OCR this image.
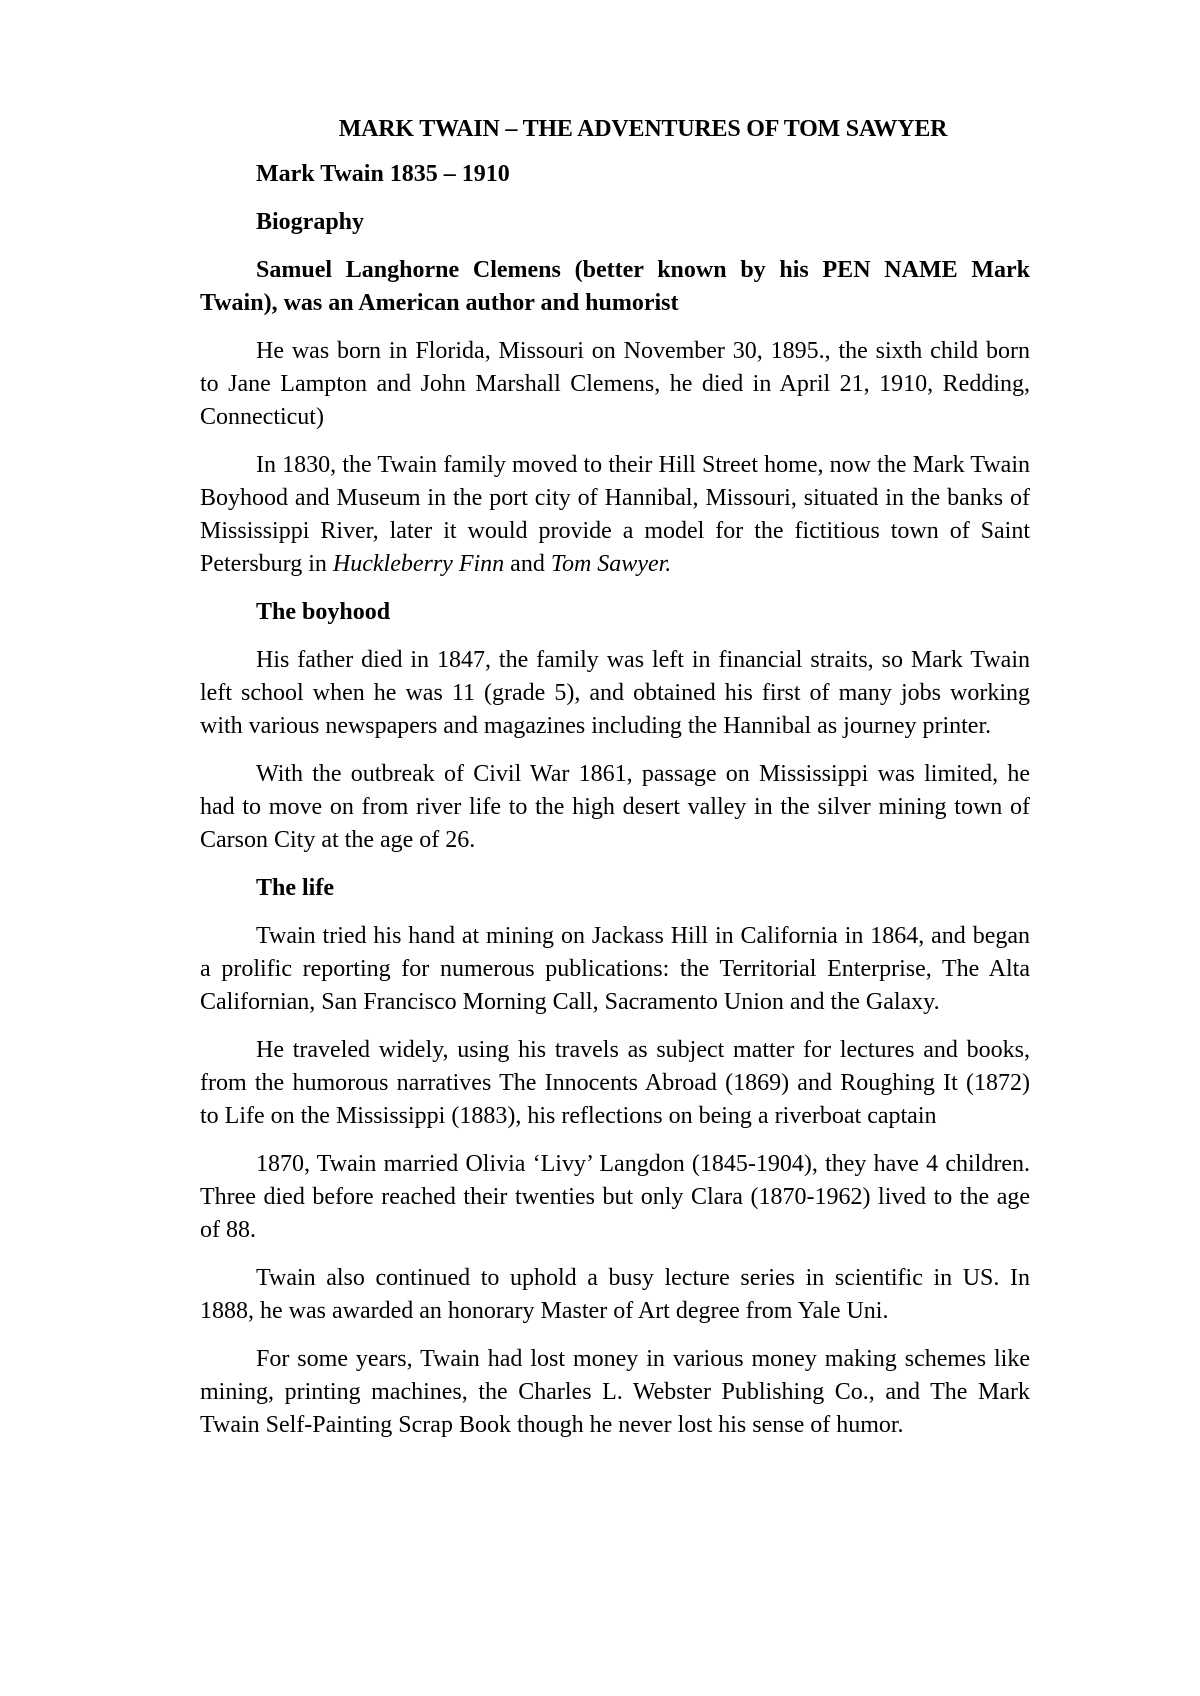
MARK TWAIN – THE ADVENTURES OF TOM SAWYER
Mark Twain 1835 – 1910
Biography
Samuel Langhorne Clemens (better known by his PEN NAME Mark Twain), was an American author and humorist
He was born in Florida, Missouri on November 30, 1895., the sixth child born to Jane Lampton and John Marshall Clemens, he died in April 21, 1910, Redding, Connecticut)
In 1830, the Twain family moved to their Hill Street home, now the Mark Twain Boyhood and Museum in the port city of Hannibal, Missouri, situated in the banks of Mississippi River, later it would provide a model for the fictitious town of Saint Petersburg in Huckleberry Finn and Tom Sawyer.
The boyhood
His father died in 1847, the family was left in financial straits, so Mark Twain left school when he was 11 (grade 5), and obtained his first of many jobs working with various newspapers and magazines including the Hannibal as journey printer.
With the outbreak of Civil War 1861, passage on Mississippi was limited, he had to move on from river life to the high desert valley in the silver mining town of Carson City at the age of 26.
The life
Twain tried his hand at mining on Jackass Hill in California in 1864, and began a prolific reporting for numerous publications: the Territorial Enterprise, The Alta Californian, San Francisco Morning Call, Sacramento Union and the Galaxy.
He traveled widely, using his travels as subject matter for lectures and books, from the humorous narratives The Innocents Abroad (1869) and Roughing It (1872) to Life on the Mississippi (1883), his reflections on being a riverboat captain
1870, Twain married Olivia ‘Livy’ Langdon (1845-1904), they have 4 children. Three died before reached their twenties but only Clara (1870-1962) lived to the age of 88.
Twain also continued to uphold a busy lecture series in scientific in US. In 1888, he was awarded an honorary Master of Art degree from Yale Uni.
For some years, Twain had lost money in various money making schemes like mining, printing machines, the Charles L. Webster Publishing Co., and The Mark Twain Self-Painting Scrap Book though he never lost his sense of humor.
